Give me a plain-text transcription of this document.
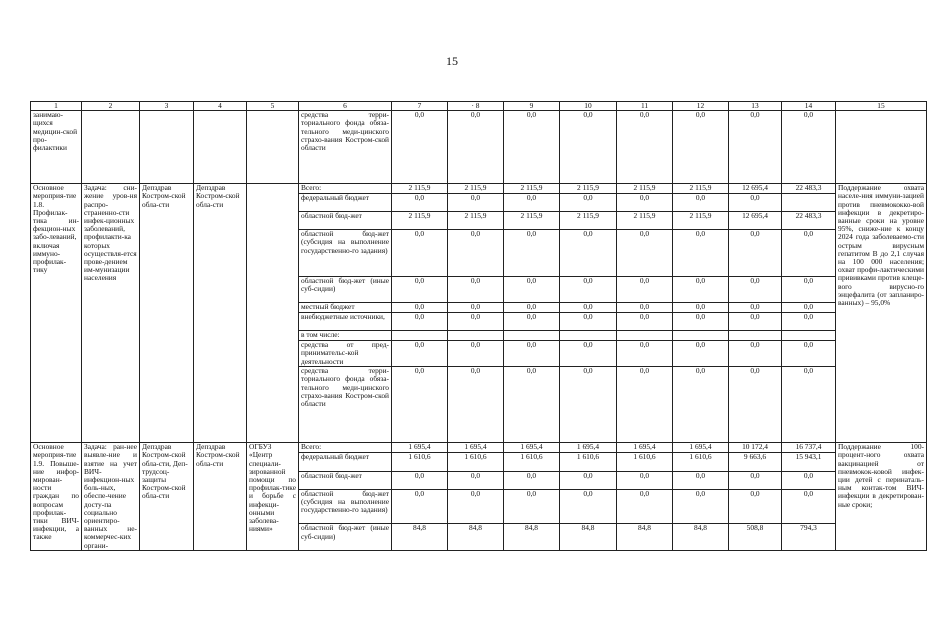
15
1	2	3	4	5	6	7	· 8	9	10	11	12	13	14	15
занимаю-щихся медицин-ской про-филактики					средства терри-ториального фонда обяза-тельного меди-цинского страхо-вания Костром-ской области	0,0	0,0	0,0	0,0	0,0	0,0	0,0	0,0	
Основное мероприя-тие 1.8. Профилак-тика ин-фекцион-ных забо-леваний, включая иммуно-профилак-тику	Задача: сни-жение уров-ня распро-страненно-сти инфек-ционных заболеваний, профилакти-ка которых осуществля-ется прове-дением им-мунизации населения	Депздрав Костром-ской обла-сти	Депздрав Костром-ской обла-сти		Всего:	2 115,9	2 115,9	2 115,9	2 115,9	2 115,9	2 115,9	12 695,4	22 483,3	Поддержание охвата населе-ния иммуни-зацией против пневмококко-вой инфекции в декретиро-ванные сроки на уровне 95%, сниже-ние к концу 2024 года заболеваемо-сти острым вирусным гепатитом В до 2,1 случая на 100 000 населения; охват профи-лактическими прививками против клеще-вого вирусно-го энцефалита (от запланиро-ванных) – 95,0%
					федеральный бюджет	0,0	0,0	0,0	0,0	0,0	0,0	0,0		
					областной бюд-жет	2 115,9	2 115,9	2 115,9	2 115,9	2 115,9	2 115,9	12 695,4	22 483,3	
					областной бюд-жет (субсидия на выполнение государственно-го задания)	0,0	0,0	0,0	0,0	0,0	0,0	0,0	0,0	
					областной бюд-жет (иные суб-сидии)	0,0	0,0	0,0	0,0	0,0	0,0	0,0	0,0	
					местный бюджет	0,0	0,0	0,0	0,0	0,0	0,0	0,0	0,0	
					внебюджетные источники,	0,0	0,0	0,0	0,0	0,0	0,0	0,0	0,0	
					в том числе:									
					средства от пред-принимательс-кой деятельности	0,0	0,0	0,0	0,0	0,0	0,0	0,0	0,0	
					средства терри-ториального фонда обяза-тельного меди-цинского страхо-вания Костром-ской области	0,0	0,0	0,0	0,0	0,0	0,0	0,0	0,0	
Основное мероприя-тие 1.9. Повыше-ние инфор-мирован-ности граждан по вопросам профилак-тики ВИЧ-инфекции, а также	Задача: ран-нее выявле-ние и взятие на учет ВИЧ-инфекцион-ных боль-ных, обеспе-чение досту-па социально ориентиро-ванных не-коммерчес-ких органи-	Депздрав Костром-ской обла-сти, Деп-трудсоц-защиты Костром-ской обла-сти	Депздрав Костром-ской обла-сти	ОГБУЗ «Центр специали-зированной помощи по профилак-тике и борьбе с инфекци-онными заболева-ниями»	Всего:	1 695,4	1 695,4	1 695,4	1 695,4	1 695,4	1 695,4	10 172,4	16 737,4	Поддержание 100-процент-ного охвата вакцинацией от пневмокок-ковой инфек-ции детей с перинаталь-ным контак-том ВИЧ-инфекции в декретирован-ные сроки;
					федеральный бюджет	1 610,6	1 610,6	1 610,6	1 610,6	1 610,6	1 610,6	9 663,6	15 943,1	
					областной бюд-жет	0,0	0,0	0,0	0,0	0,0	0,0	0,0	0,0	
					областной бюд-жет (субсидия на выполнение государственно-го задания)	0,0	0,0	0,0	0,0	0,0	0,0	0,0	0,0	
					областной бюд-жет (иные суб-сидии)	84,8	84,8	84,8	84,8	84,8	84,8	508,8	794,3	
